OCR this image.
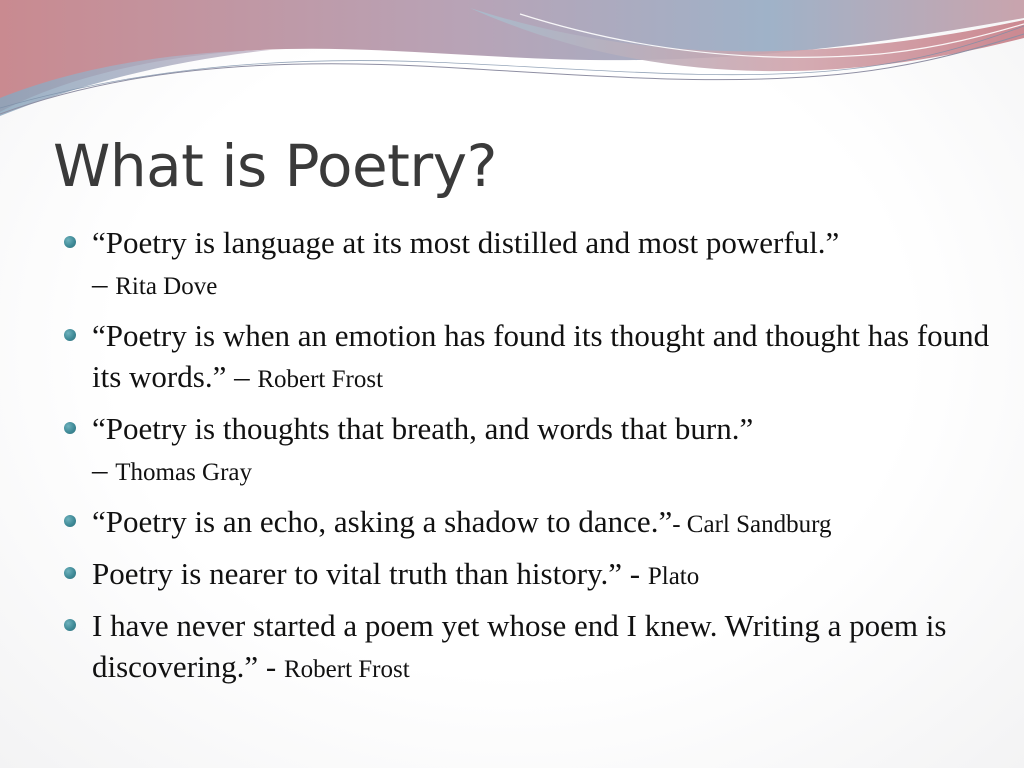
What is Poetry?
“Poetry is language at its most distilled and most powerful.”
– Rita Dove
“Poetry is when an emotion has found its thought and thought has found its words.” – Robert Frost
“Poetry is thoughts that breath, and words that burn.”
– Thomas Gray
“Poetry is an echo, asking a shadow to dance.”- Carl Sandburg
Poetry is nearer to vital truth than history.” - Plato
I have never started a poem yet whose end I knew. Writing a poem is discovering.” - Robert Frost
